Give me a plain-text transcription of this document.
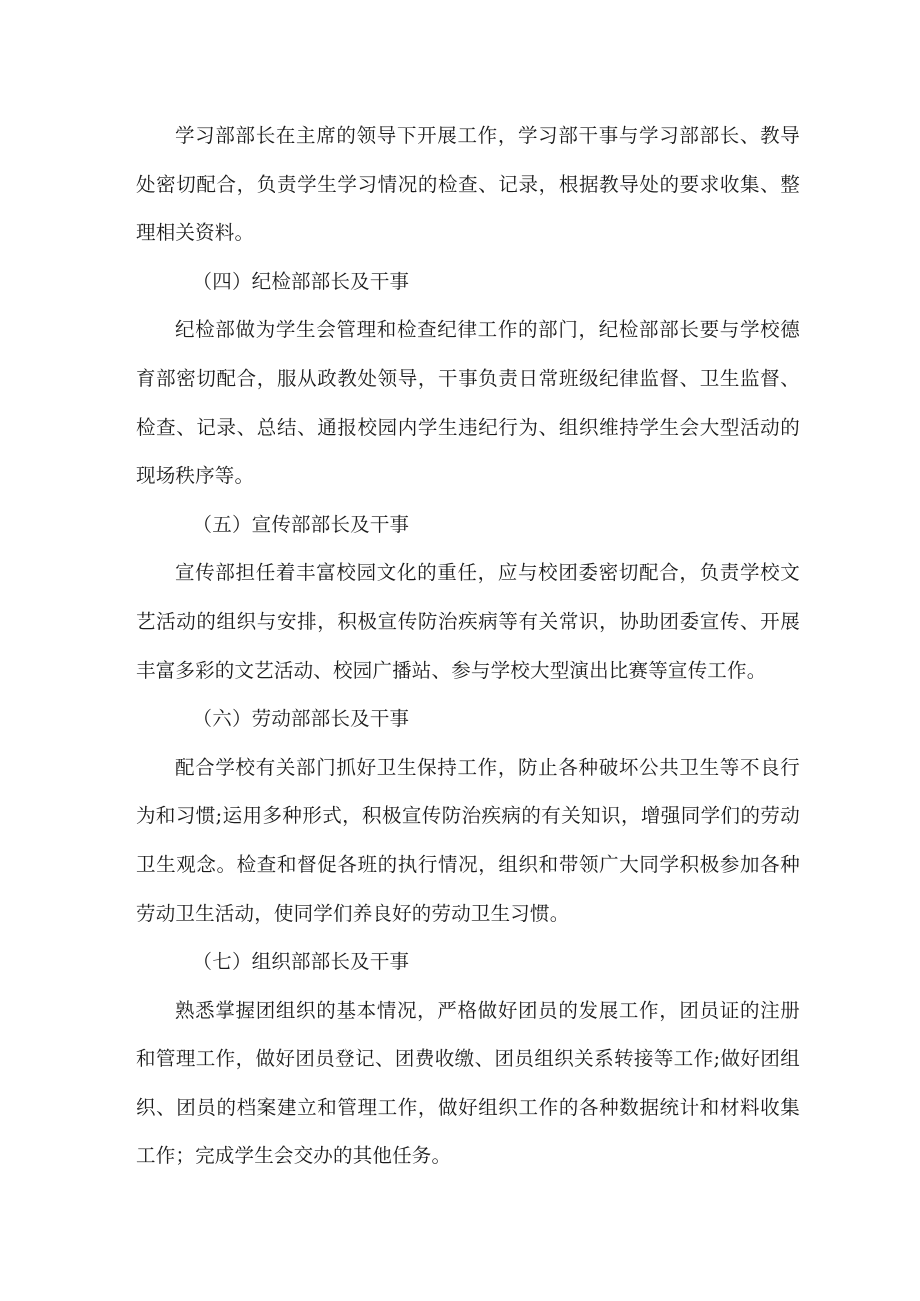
学习部部长在主席的领导下开展工作，学习部干事与学习部部长、教导处密切配合，负责学生学习情况的检查、记录，根据教导处的要求收集、整理相关资料。

（四）纪检部部长及干事

纪检部做为学生会管理和检查纪律工作的部门，纪检部部长要与学校德育部密切配合，服从政教处领导，干事负责日常班级纪律监督、卫生监督、检查、记录、总结、通报校园内学生违纪行为、组织维持学生会大型活动的现场秩序等。

（五）宣传部部长及干事

宣传部担任着丰富校园文化的重任，应与校团委密切配合，负责学校文艺活动的组织与安排，积极宣传防治疾病等有关常识，协助团委宣传、开展丰富多彩的文艺活动、校园广播站、参与学校大型演出比赛等宣传工作。

（六）劳动部部长及干事

配合学校有关部门抓好卫生保持工作，防止各种破坏公共卫生等不良行为和习惯;运用多种形式，积极宣传防治疾病的有关知识，增强同学们的劳动卫生观念。检查和督促各班的执行情况，组织和带领广大同学积极参加各种劳动卫生活动，使同学们养良好的劳动卫生习惯。

（七）组织部部长及干事

熟悉掌握团组织的基本情况，严格做好团员的发展工作，团员证的注册和管理工作，做好团员登记、团费收缴、团员组织关系转接等工作;做好团组织、团员的档案建立和管理工作，做好组织工作的各种数据统计和材料收集工作；完成学生会交办的其他任务。
